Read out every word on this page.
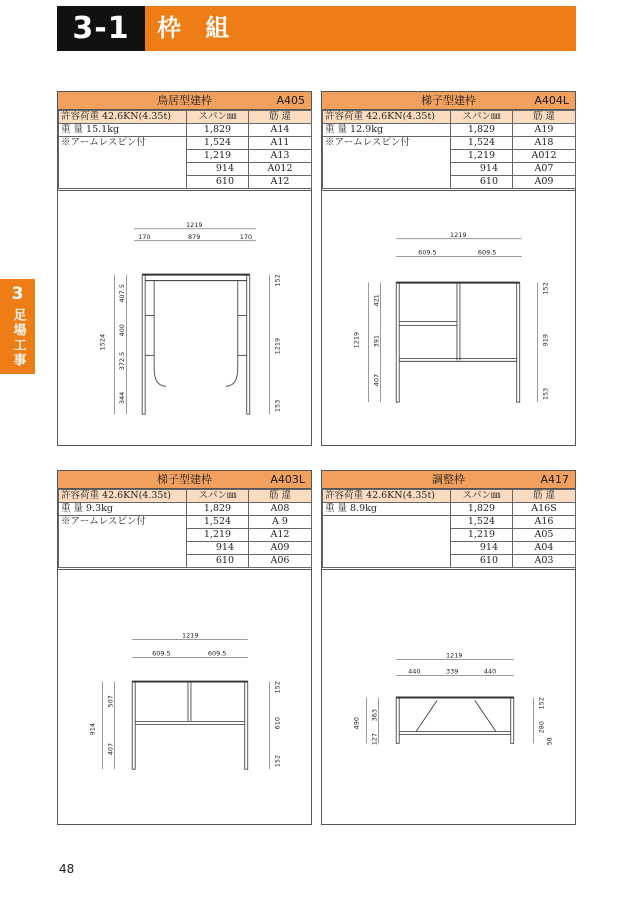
3-1	枠 組
3
足場工事
鳥居型建枠	A405
許容荷重 42.6KN(4.35t)	スパン㎜	筋 違
重 量 15.1kg	1,829	A14
※アームレスピン付	1,524	A11
	1,219	A13
	914	A012
	610	A12
1219
170	879	170
1524
407.5
400
372.5
344
152
1219
153
梯子型建枠	A404L
許容荷重 42.6KN(4.35t)	スパン㎜	筋 違
重 量 12.9kg	1,829	A19
※アームレスピン付	1,524	A18
	1,219	A012
	914	A07
	610	A09
1219
609.5	609.5
1219
421
391
407
152
919
153
梯子型建枠	A403L
許容荷重 42.6KN(4.35t)	スパン㎜	筋 違
重 量 9.3kg	1,829	A08
※アームレスピン付	1,524	A 9
	1,219	A12
	914	A09
	610	A06
1219
609.5	609.5
914
507
407
152
610
152
調整枠	A417
許容荷重 42.6KN(4.35t)	スパン㎜	筋 違
重 量 8.9kg	1,829	A16S
	1,524	A16
	1,219	A05
	914	A04
	610	A03
1219
440	339	440
490
363
127
152
280
58
48
